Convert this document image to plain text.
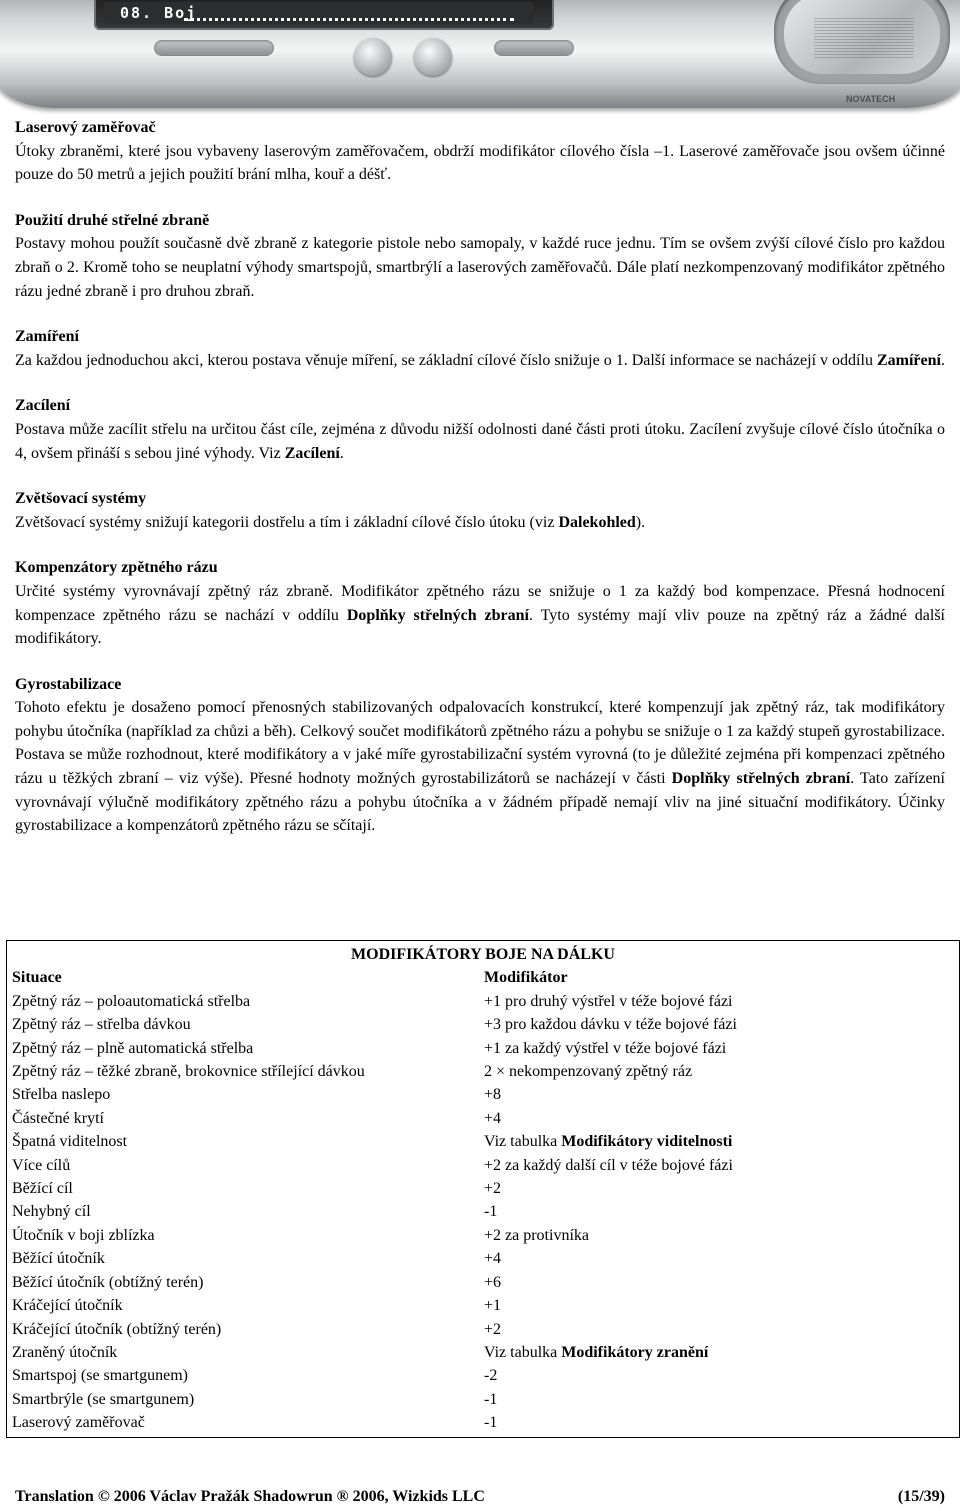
08. Boj
NOVATECH
Laserový zaměřovač

Útoky zbraněmi, které jsou vybaveny laserovým zaměřovačem, obdrží modifikátor cílového čísla –1. Laserové zaměřovače jsou ovšem účinné pouze do 50 metrů a jejich použití brání mlha, kouř a déšť.

Použití druhé střelné zbraně

Postavy mohou použít současně dvě zbraně z kategorie pistole nebo samopaly, v každé ruce jednu. Tím se ovšem zvýší cílové číslo pro každou zbraň o 2. Kromě toho se neuplatní výhody smartspojů, smartbrýlí a laserových zaměřovačů. Dále platí nezkompenzovaný modifikátor zpětného rázu jedné zbraně i pro druhou zbraň.

Zamíření

Za každou jednoduchou akci, kterou postava věnuje míření, se základní cílové číslo snižuje o 1. Další informace se nacházejí v oddílu Zamíření.

Zacílení

Postava může zacílit střelu na určitou část cíle, zejména z důvodu nižší odolnosti dané části proti útoku. Zacílení zvyšuje cílové číslo útočníka o 4, ovšem přináší s sebou jiné výhody. Viz Zacílení.

Zvětšovací systémy

Zvětšovací systémy snižují kategorii dostřelu a tím i základní cílové číslo útoku (viz Dalekohled).

Kompenzátory zpětného rázu

Určité systémy vyrovnávají zpětný ráz zbraně. Modifikátor zpětného rázu se snižuje o 1 za každý bod kompenzace. Přesná hodnocení kompenzace zpětného rázu se nachází v oddílu Doplňky střelných zbraní. Tyto systémy mají vliv pouze na zpětný ráz a žádné další modifikátory.

Gyrostabilizace

Tohoto efektu je dosaženo pomocí přenosných stabilizovaných odpalovacích konstrukcí, které kompenzují jak zpětný ráz, tak modifikátory pohybu útočníka (například za chůzi a běh). Celkový součet modifikátorů zpětného rázu a pohybu se snižuje o 1 za každý stupeň gyrostabilizace. Postava se může rozhodnout, které modifikátory a v jaké míře gyrostabilizační systém vyrovná (to je důležité zejména při kompenzaci zpětného rázu u těžkých zbraní – viz výše). Přesné hodnoty možných gyrostabilizátorů se nacházejí v části Doplňky střelných zbraní. Tato zařízení vyrovnávají výlučně modifikátory zpětného rázu a pohybu útočníka a v žádném případě nemají vliv na jiné situační modifikátory. Účinky gyrostabilizace a kompenzátorů zpětného rázu se sčítají.

MODIFIKÁTORY BOJE NA DÁLKU
Situace	Modifikátor
Zpětný ráz – poloautomatická střelba	+1 pro druhý výstřel v téže bojové fázi
Zpětný ráz – střelba dávkou	+3 pro každou dávku v téže bojové fázi
Zpětný ráz – plně automatická střelba	+1 za každý výstřel v téže bojové fázi
Zpětný ráz – těžké zbraně, brokovnice střílející dávkou	2 × nekompenzovaný zpětný ráz
Střelba naslepo	+8
Částečné krytí	+4
Špatná viditelnost	Viz tabulka Modifikátory viditelnosti
Více cílů	+2 za každý další cíl v téže bojové fázi
Běžící cíl	+2
Nehybný cíl	-1
Útočník v boji zblízka	+2 za protivníka
Běžící útočník	+4
Běžící útočník (obtížný terén)	+6
Kráčející útočník	+1
Kráčející útočník (obtížný terén)	+2
Zraněný útočník	Viz tabulka Modifikátory zranění
Smartspoj (se smartgunem)	-2
Smartbrýle (se smartgunem)	-1
Laserový zaměřovač	-1
Translation © 2006 Václav Pražák Shadowrun ® 2006, Wizkids LLC	(15/39)
